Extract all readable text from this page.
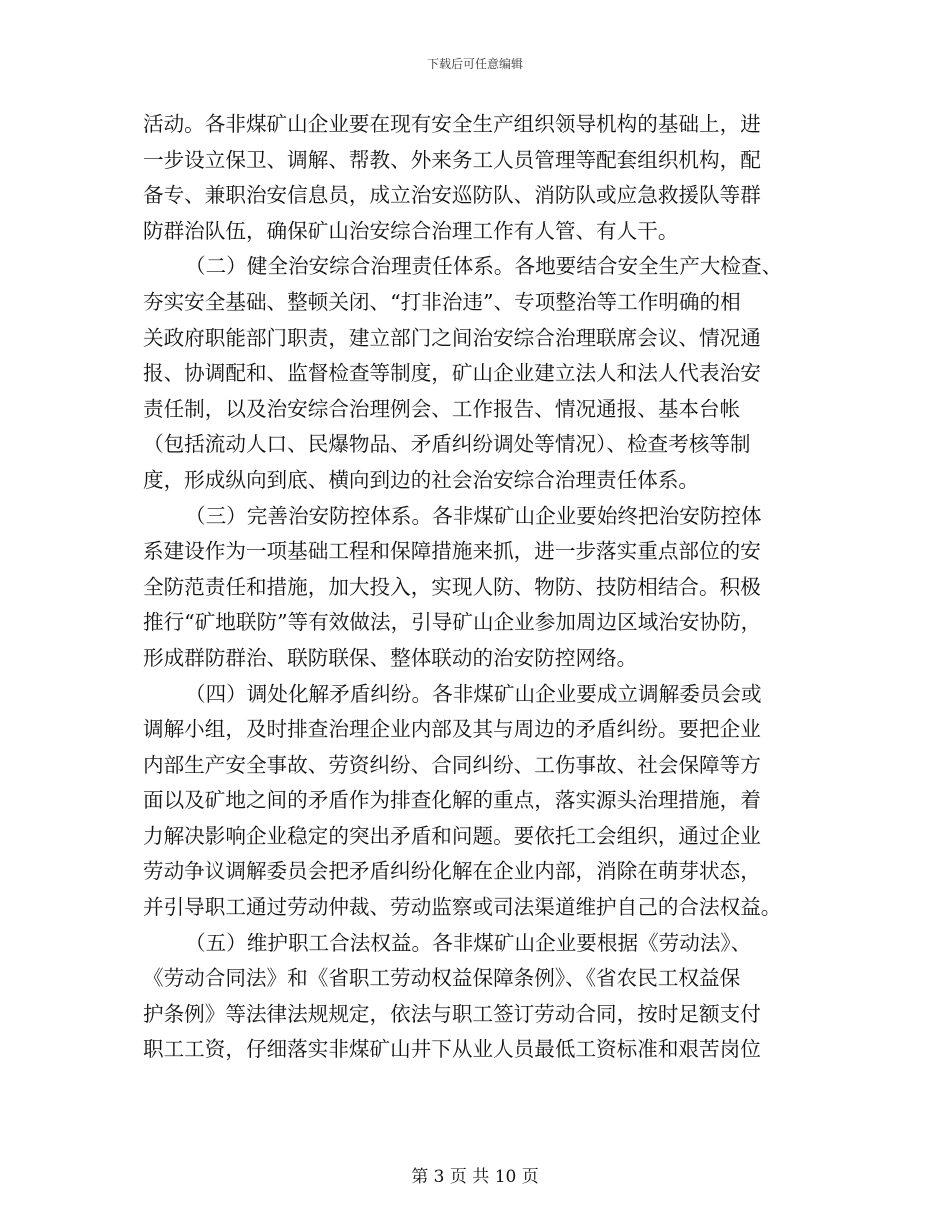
下载后可任意编辑
活动。各非煤矿山企业要在现有安全生产组织领导机构的基础上，进
一步设立保卫、调解、帮教、外来务工人员管理等配套组织机构，配
备专、兼职治安信息员，成立治安巡防队、消防队或应急救援队等群
防群治队伍，确保矿山治安综合治理工作有人管、有人干。
（二）健全治安综合治理责任体系。各地要结合安全生产大检查、
夯实安全基础、整顿关闭、“打非治违”、专项整治等工作明确的相
关政府职能部门职责，建立部门之间治安综合治理联席会议、情况通
报、协调配和、监督检查等制度，矿山企业建立法人和法人代表治安
责任制，以及治安综合治理例会、工作报告、情况通报、基本台帐
（包括流动人口、民爆物品、矛盾纠纷调处等情况）、检查考核等制
度，形成纵向到底、横向到边的社会治安综合治理责任体系。
（三）完善治安防控体系。各非煤矿山企业要始终把治安防控体
系建设作为一项基础工程和保障措施来抓，进一步落实重点部位的安
全防范责任和措施，加大投入，实现人防、物防、技防相结合。积极
推行“矿地联防”等有效做法，引导矿山企业参加周边区域治安协防，
形成群防群治、联防联保、整体联动的治安防控网络。
（四）调处化解矛盾纠纷。各非煤矿山企业要成立调解委员会或
调解小组，及时排查治理企业内部及其与周边的矛盾纠纷。要把企业
内部生产安全事故、劳资纠纷、合同纠纷、工伤事故、社会保障等方
面以及矿地之间的矛盾作为排查化解的重点，落实源头治理措施，着
力解决影响企业稳定的突出矛盾和问题。要依托工会组织，通过企业
劳动争议调解委员会把矛盾纠纷化解在企业内部，消除在萌芽状态，
并引导职工通过劳动仲裁、劳动监察或司法渠道维护自己的合法权益。
（五）维护职工合法权益。各非煤矿山企业要根据《劳动法》、
《劳动合同法》和《省职工劳动权益保障条例》、《省农民工权益保
护条例》等法律法规规定，依法与职工签订劳动合同，按时足额支付
职工工资，仔细落实非煤矿山井下从业人员最低工资标准和艰苦岗位
第 3 页 共 10 页
